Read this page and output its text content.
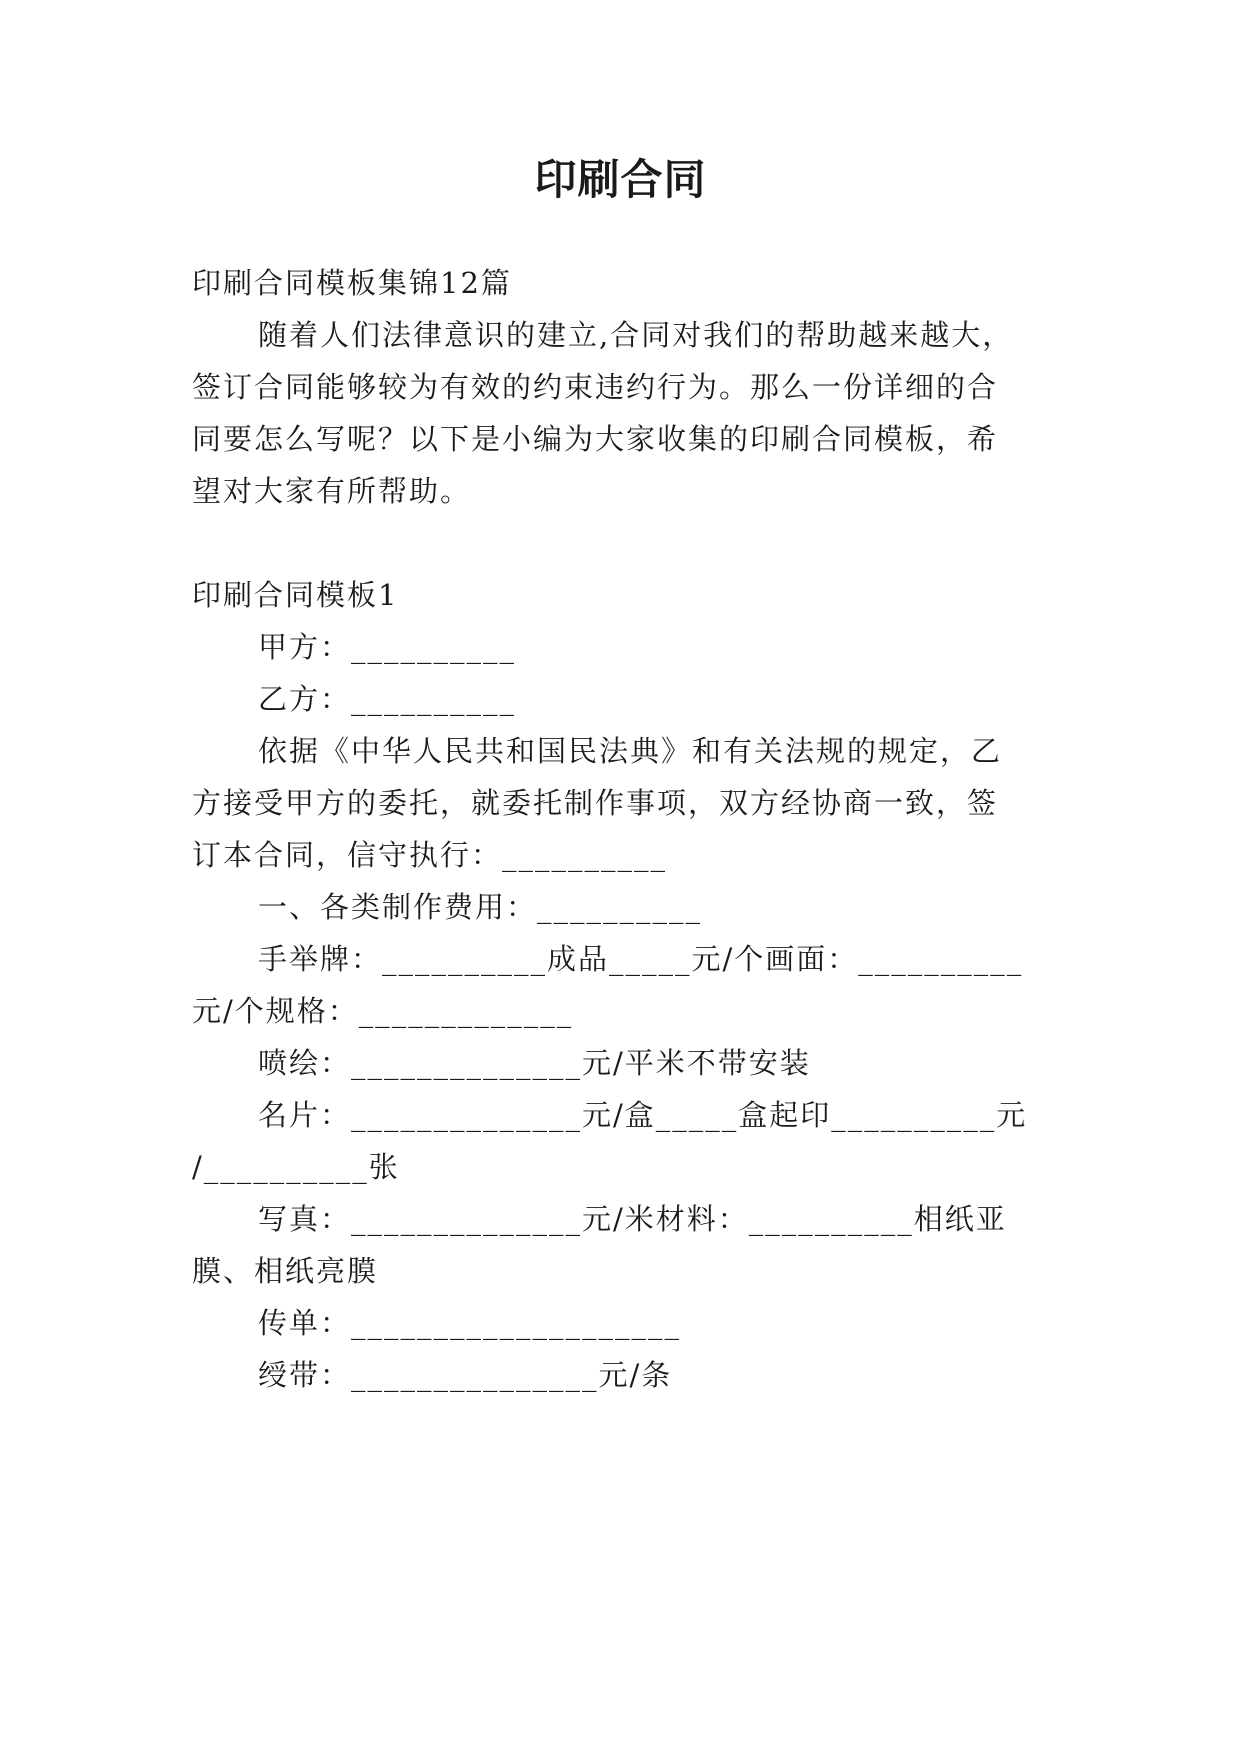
印刷合同
印刷合同模板集锦12篇
随着人们法律意识的建立,合同对我们的帮助越来越大，
签订合同能够较为有效的约束违约行为。那么一份详细的合
同要怎么写呢？以下是小编为大家收集的印刷合同模板，希
望对大家有所帮助。
印刷合同模板1
甲方：__________
乙方：__________
依据《中华人民共和国民法典》和有关法规的规定，乙
方接受甲方的委托，就委托制作事项，双方经协商一致，签
订本合同，信守执行：__________
一、各类制作费用：__________
手举牌：__________成品_____元/个画面：__________
元/个规格：_____________
喷绘：______________元/平米不带安装
名片：______________元/盒_____盒起印__________元
/__________张
写真：______________元/米材料：__________相纸亚
膜、相纸亮膜
传单：____________________
绶带：_______________元/条
